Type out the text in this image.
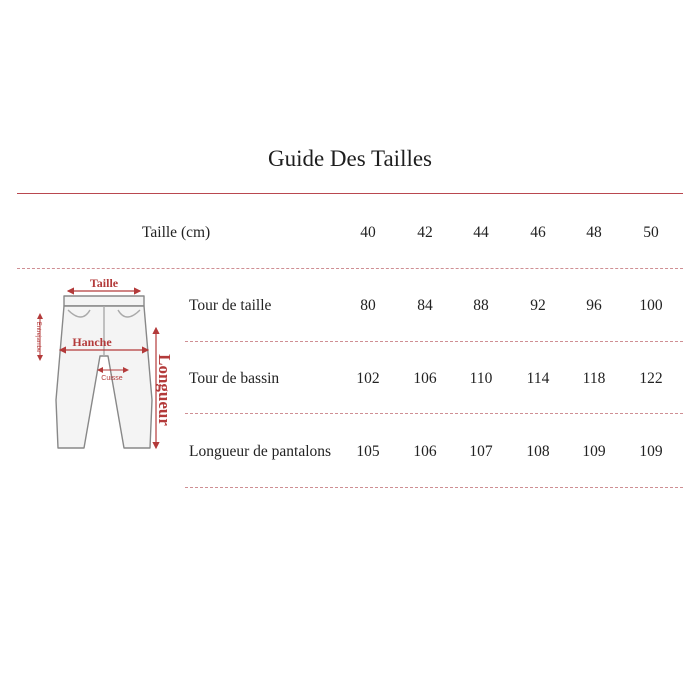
Guide Des Tailles
Taille (cm)	40	42	44	46	48	50
Tour de taille	80	84	88	92	96	100
Tour de bassin	102	106	110	114	118	122
Longueur de pantalons	105	106	107	108	109	109
Taille
Hanche
Longueur
Entrejambe
Cuisse
